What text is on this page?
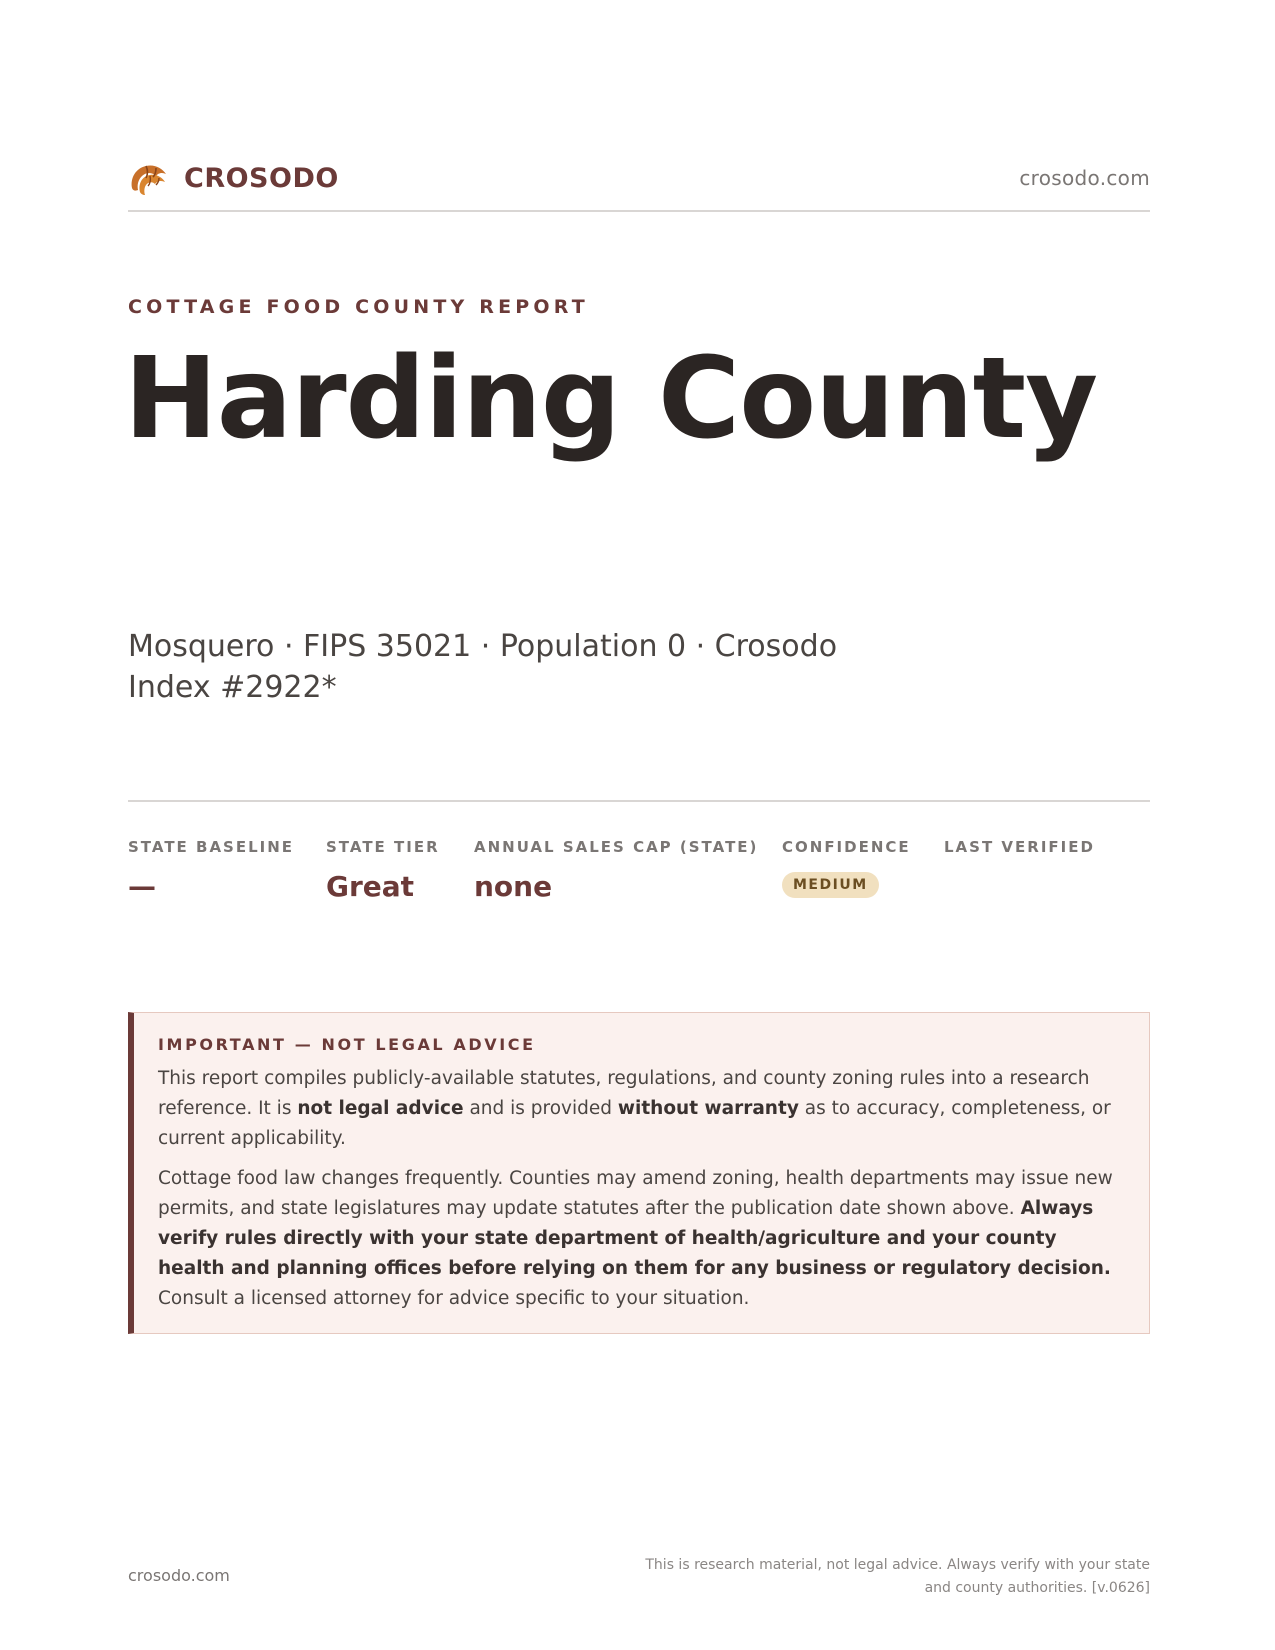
CROSODO	crosodo.com
COTTAGE FOOD COUNTY REPORT
Harding County
Mosquero · FIPS 35021 · Population 0 · Crosodo Index #2922*
STATE BASELINE
—
STATE TIER
Great
ANNUAL SALES CAP (STATE)
none
CONFIDENCE
MEDIUM
LAST VERIFIED
IMPORTANT — NOT LEGAL ADVICE

This report compiles publicly-available statutes, regulations, and county zoning rules into a research reference. It is not legal advice and is provided without warranty as to accuracy, completeness, or current applicability.

Cottage food law changes frequently. Counties may amend zoning, health departments may issue new permits, and state legislatures may update statutes after the publication date shown above. Always verify rules directly with your state department of health/agriculture and your county health and planning offices before relying on them for any business or regulatory decision. Consult a licensed attorney for advice specific to your situation.

crosodo.com
This is research material, not legal advice. Always verify with your state and county authorities. [v.0626]
